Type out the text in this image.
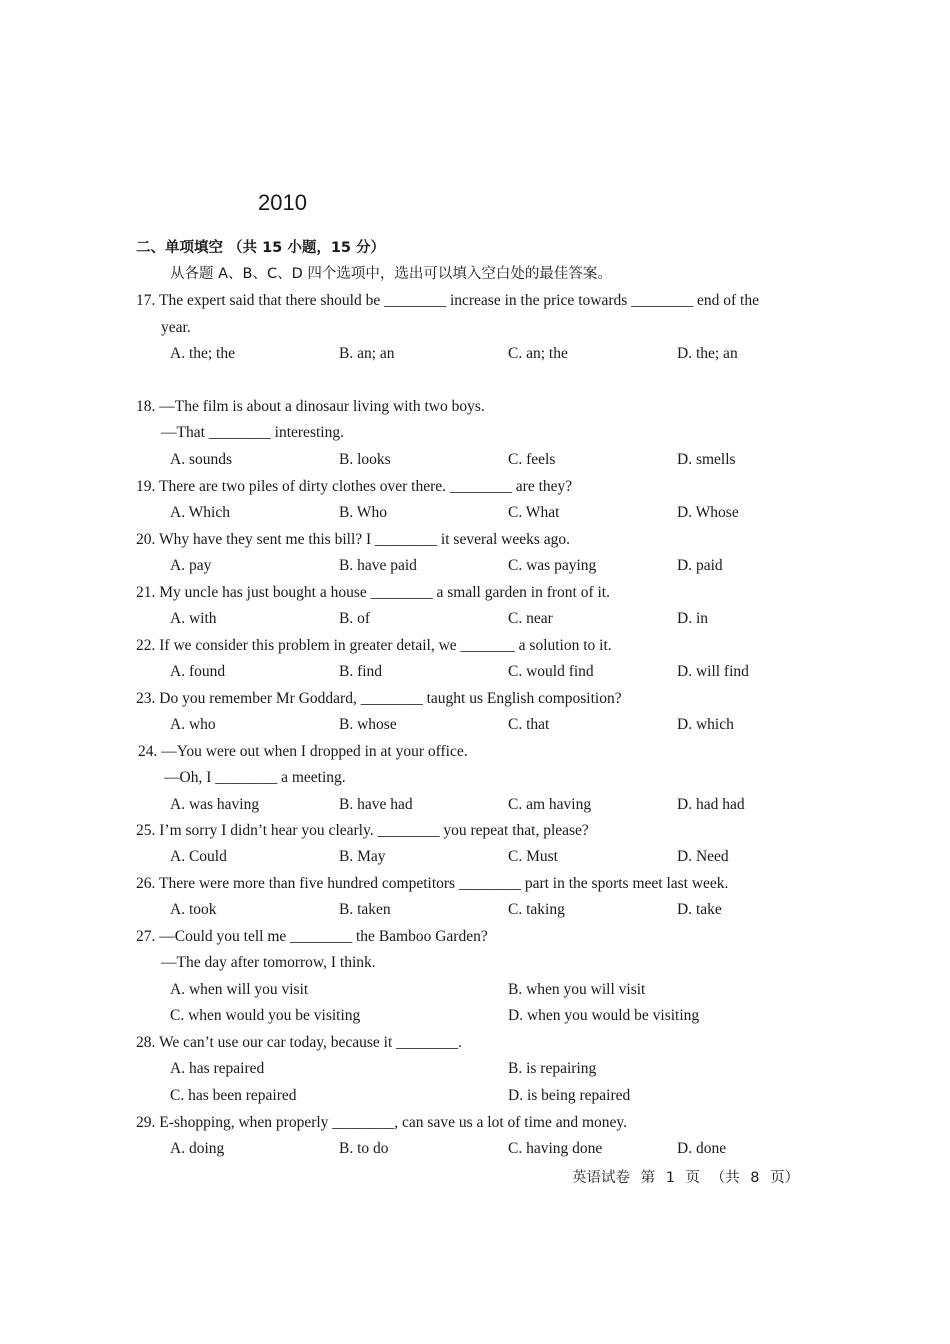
2010
二、单项填空 （共 15 小题，15 分）
从各题 A、B、C、D 四个选项中，选出可以填入空白处的最佳答案。
17. The expert said that there should be ________ increase in the price towards ________ end of the
year.
A. the; the	B. an; an	C. an; the	D. the; an
18. —The film is about a dinosaur living with two boys.
—That ________ interesting.
A. sounds	B. looks	C. feels	D. smells
19. There are two piles of dirty clothes over there. ________ are they?
A. Which	B. Who	C. What	D. Whose
20. Why have they sent me this bill? I ________ it several weeks ago.
A. pay	B. have paid	C. was paying	D. paid
21. My uncle has just bought a house ________ a small garden in front of it.
A. with	B. of	C. near	D. in
22. If we consider this problem in greater detail, we _______ a solution to it.
A. found	B. find	C. would find	D. will find
23. Do you remember Mr Goddard, ________ taught us English composition?
A. who	B. whose	C. that	D. which
24. —You were out when I dropped in at your office.
—Oh, I ________ a meeting.
A. was having	B. have had	C. am having	D. had had
25. I’m sorry I didn’t hear you clearly. ________ you repeat that, please?
A. Could	B. May	C. Must	D. Need
26. There were more than five hundred competitors ________ part in the sports meet last week.
A. took	B. taken	C. taking	D. take
27. —Could you tell me ________ the Bamboo Garden?
—The day after tomorrow, I think.
A. when will you visit	B. when you will visit
C. when would you be visiting	D. when you would be visiting
28. We can’t use our car today, because it ________.
A. has repaired	B. is repairing
C. has been repaired	D. is being repaired
29. E-shopping, when properly ________, can save us a lot of time and money.
A. doing	B. to do	C. having done	D. done
英语试卷 第 1 页 （共 8 页）
